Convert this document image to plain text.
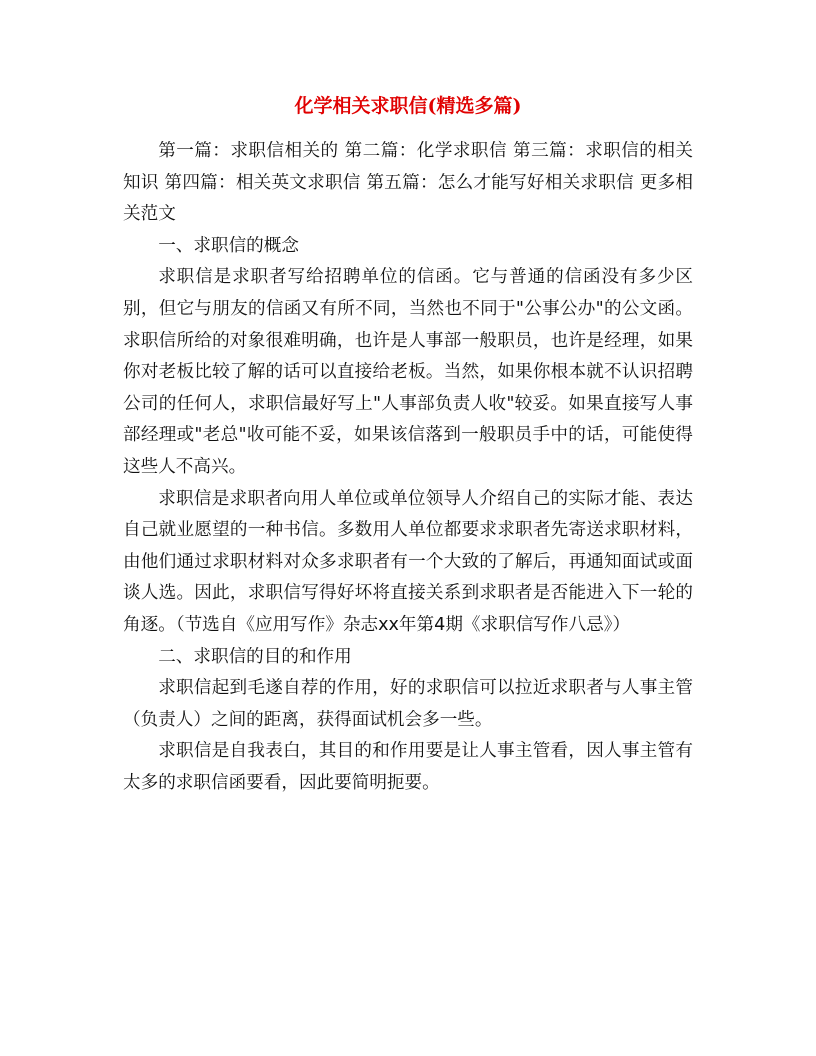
化学相关求职信(精选多篇)

第一篇：求职信相关的 第二篇：化学求职信 第三篇：求职信的相关知识 第四篇：相关英文求职信 第五篇：怎么才能写好相关求职信 更多相关范文

一、求职信的概念

求职信是求职者写给招聘单位的信函。它与普通的信函没有多少区别，但它与朋友的信函又有所不同，当然也不同于"公事公办"的公文函。求职信所给的对象很难明确，也许是人事部一般职员，也许是经理，如果你对老板比较了解的话可以直接给老板。当然，如果你根本就不认识招聘公司的任何人，求职信最好写上"人事部负责人收"较妥。如果直接写人事部经理或"老总"收可能不妥，如果该信落到一般职员手中的话，可能使得这些人不高兴。

求职信是求职者向用人单位或单位领导人介绍自己的实际才能、表达自己就业愿望的一种书信。多数用人单位都要求求职者先寄送求职材料，由他们通过求职材料对众多求职者有一个大致的了解后，再通知面试或面谈人选。因此，求职信写得好坏将直接关系到求职者是否能进入下一轮的角逐。（节选自《应用写作》杂志xx年第4期《求职信写作八忌》）

二、求职信的目的和作用

求职信起到毛遂自荐的作用，好的求职信可以拉近求职者与人事主管（负责人）之间的距离，获得面试机会多一些。

求职信是自我表白，其目的和作用要是让人事主管看，因人事主管有太多的求职信函要看，因此要简明扼要。
